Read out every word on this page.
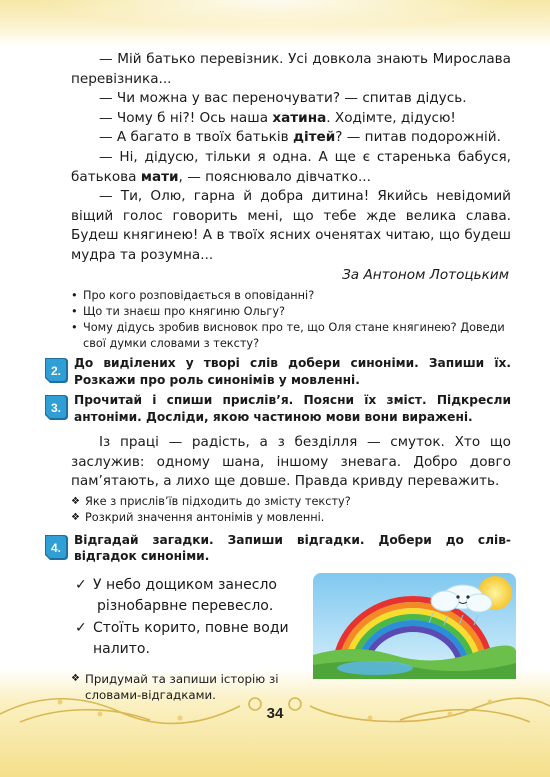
— Мій батько перевізник. Усі довкола знають Мирослава перевізника...

— Чи можна у вас переночувати? — спитав дідусь.

— Чому б ні?! Ось наша хатина. Ходімте, дідусю!

— А багато в твоїх батьків дітей? — питав подорожній.

— Ні, дідусю, тільки я одна. А ще є старенька бабуся, батькова мати, — пояснювало дівчатко...

— Ти, Олю, гарна й добра дитина! Якийсь невідомий віщий голос говорить мені, що тебе жде велика слава. Будеш княгинею! А в твоїх ясних оченятах читаю, що будеш мудра та розумна...

За Антоном Лотоцьким

• Про кого розповідається в оповіданні?

• Що ти знаєш про княгиню Ольгу?

• Чому дідусь зробив висновок про те, що Оля стане княгинею? Доведи свої думки словами з тексту?

2.

До виділених у творі слів добери синоніми. Запиши їх. Розкажи про роль синонімів у мовленні.

3.

Прочитай і спиши прислів’я. Поясни їх зміст. Підкресли антоніми. Досліди, якою частиною мови вони виражені.

Із праці — радість, а з безділля — смуток. Хто що заслужив: одному шана, іншому зневага. Добро довго пам’ятають, а лихо ще довше. Правда кривду переважить.

❖ Яке з прислів’їв підходить до змісту тексту?

❖ Розкрий значення антонімів у мовленні.

4.

Відгадай загадки. Запиши відгадки. Добери до слів-відгадок синоніми.

✓ У небо дощиком занесло

різнобарвне перевесло.

✓ Стоїть корито, повне води налито.

❖ Придумай та запиши історію зі словами-відгадками.

34
